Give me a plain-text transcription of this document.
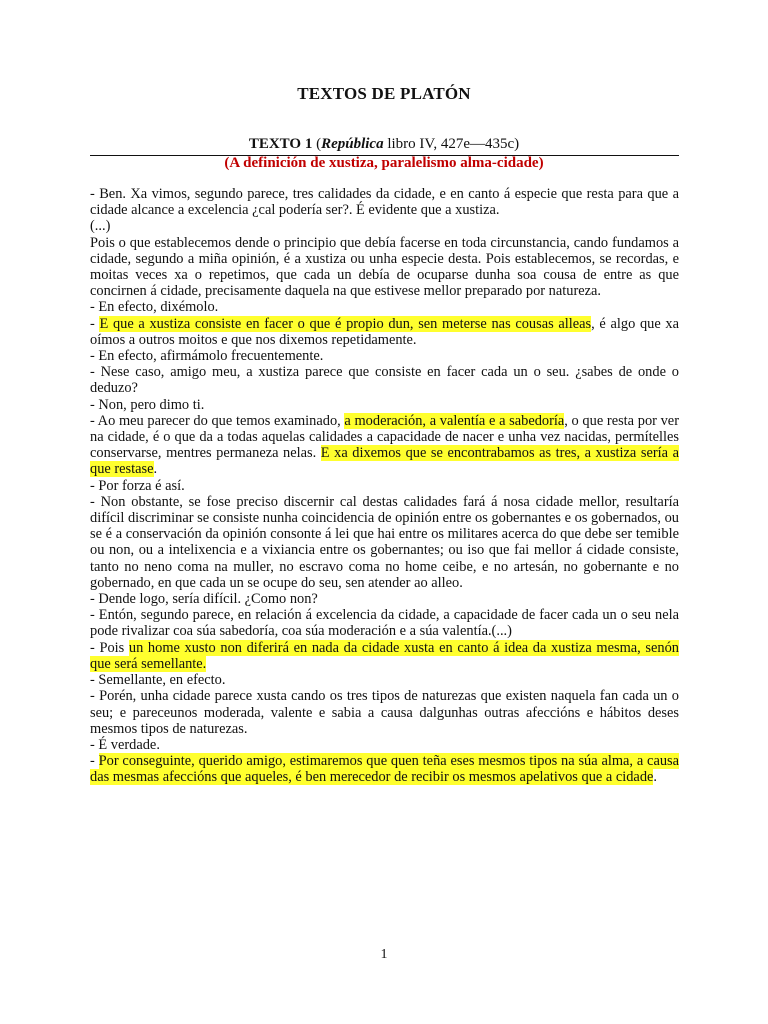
TEXTOS DE PLATÓN
TEXTO 1 (República libro IV, 427e—435c)
(A definición de xustiza, paralelismo alma-cidade)

- Ben. Xa vimos, segundo parece, tres calidades da cidade, e en canto á especie que resta para que a cidade alcance a excelencia ¿cal podería ser?. É evidente que a xustiza.

(...)

Pois o que establecemos dende o principio que debía facerse en toda circunstancia, cando fundamos a cidade, segundo a miña opinión, é a xustiza ou unha especie desta. Pois establecemos, se recordas, e moitas veces xa o repetimos, que cada un debía de ocuparse dunha soa cousa de entre as que concirnen á cidade, precisamente daquela na que estivese mellor preparado por natureza.

- En efecto, dixémolo.

- E que a xustiza consiste en facer o que é propio dun, sen meterse nas cousas alleas, é algo que xa oímos a outros moitos e que nos dixemos repetidamente.

- En efecto, afirmámolo frecuentemente.

- Nese caso, amigo meu, a xustiza parece que consiste en facer cada un o seu. ¿sabes de onde o deduzo?

- Non, pero dimo ti.

- Ao meu parecer do que temos examinado, a moderación, a valentía e a sabedoría, o que resta por ver na cidade, é o que da a todas aquelas calidades a capacidade de nacer e unha vez nacidas, permítelles conservarse, mentres permaneza nelas. E xa dixemos que se encontrabamos as tres, a xustiza sería a que restase.

- Por forza é así.

- Non obstante, se fose preciso discernir cal destas calidades fará á nosa cidade mellor, resultaría difícil discriminar se consiste nunha coincidencia de opinión entre os gobernantes e os gobernados, ou se é a conservación da opinión consonte á lei que hai entre os militares acerca do que debe ser temible ou non, ou a intelixencia e a vixiancia entre os gobernantes; ou iso que fai mellor á cidade consiste, tanto no neno coma na muller, no escravo coma no home ceibe, e no artesán, no gobernante e no gobernado, en que cada un se ocupe do seu, sen atender ao alleo.

- Dende logo, sería difícil. ¿Como non?

- Entón, segundo parece, en relación á excelencia da cidade, a capacidade de facer cada un o seu nela pode rivalizar coa súa sabedoría, coa súa moderación e a súa valentía.(...)

- Pois un home xusto non diferirá en nada da cidade xusta en canto á idea da xustiza mesma, senón que será semellante.

- Semellante, en efecto.

- Porén, unha cidade parece xusta cando os tres tipos de naturezas que existen naquela fan cada un o seu; e pareceunos moderada, valente e sabia a causa dalgunhas outras afeccións e hábitos deses mesmos tipos de naturezas.

- É verdade.

- Por conseguinte, querido amigo, estimaremos que quen teña eses mesmos tipos na súa alma, a causa das mesmas afeccións que aqueles, é ben merecedor de recibir os mesmos apelativos que a cidade.

1
